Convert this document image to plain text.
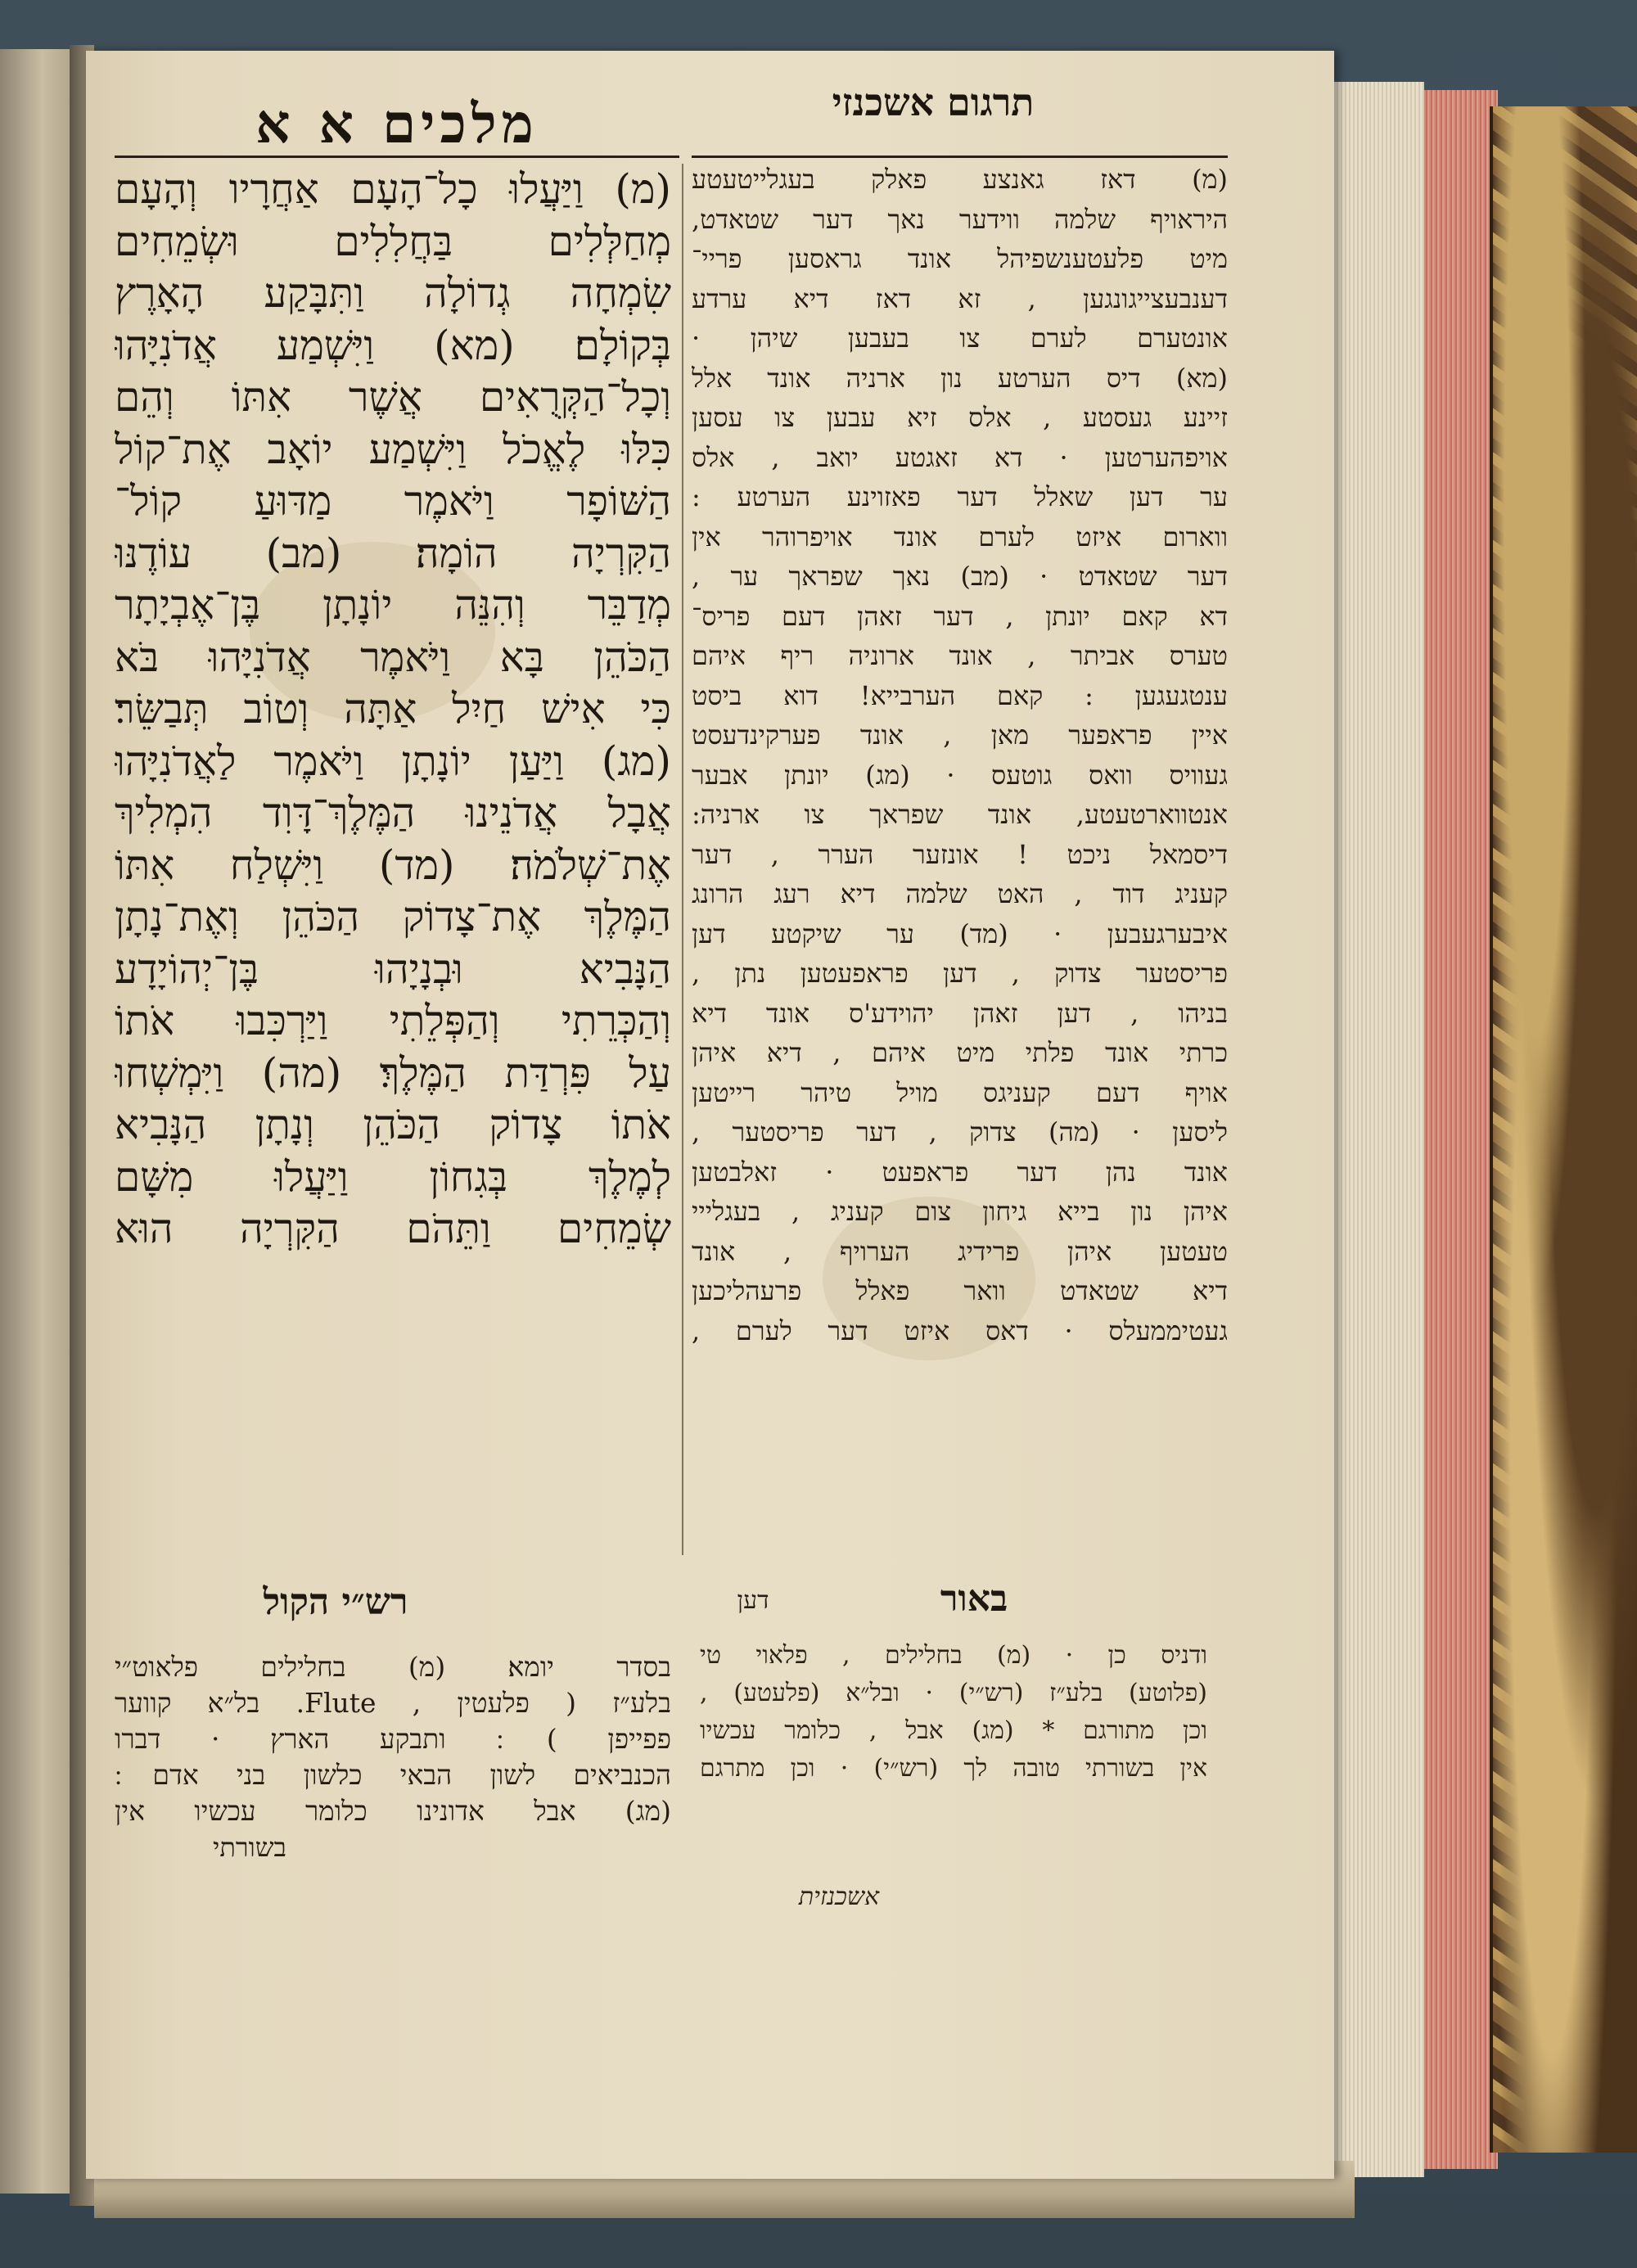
מלכים א א	תרגום אשכנזי
(מ) וַיַּעֲלוּ כָל־הָעָם אַחֲרָיו וְהָעָם
מְחַלְּלִים בַּחֲלִלִים וּשְׂמֵחִים
שִׂמְחָה גְדוֹלָה וַתִּבָּקַע הָאָרֶץ
בְּקוֹלָם׃ (מא) וַיִּשְׁמַע אֲדֹנִיָּהוּ
וְכָל־הַקְּרֻאִים אֲשֶׁר אִתּוֹ וְהֵם
כִּלּוּ לֶאֱכֹל וַיִּשְׁמַע יוֹאָב אֶת־קוֹל
הַשּׁוֹפָר וַיֹּאמֶר מַדּוּעַ קוֹל־
הַקִּרְיָה הוֹמָה׃ (מב) עוֹדֶנּוּ
מְדַבֵּר וְהִנֵּה יוֹנָתָן בֶּן־אֶבְיָתָר
הַכֹּהֵן בָּא וַיֹּאמֶר אֲדֹנִיָּהוּ בֹּא
כִּי אִישׁ חַיִל אַתָּה וְטוֹב תְּבַשֵּׂר׃
(מג) וַיַּעַן יוֹנָתָן וַיֹּאמֶר לַאֲדֹנִיָּהוּ
אֲבָל אֲדֹנֵינוּ הַמֶּלֶךְ־דָּוִד הִמְלִיךְ
אֶת־שְׁלֹמֹה׃ (מד) וַיִּשְׁלַח אִתּוֹ
הַמֶּלֶךְ אֶת־צָדוֹק הַכֹּהֵן וְאֶת־נָתָן
הַנָּבִיא וּבְנָיָהוּ בֶּן־יְהוֹיָדָע
וְהַכְּרֵתִי וְהַפְּלֵתִי וַיַּרְכִּבוּ אֹתוֹ
עַל פִּרְדַּת הַמֶּלֶךְ׃ (מה) וַיִּמְשְׁחוּ
אֹתוֹ צָדוֹק הַכֹּהֵן וְנָתָן הַנָּבִיא
לְמֶלֶךְ בְּגִחוֹן וַיַּעֲלוּ מִשָּׁם
שְׂמֵחִים וַתֵּהֹם הַקִּרְיָה הוּא
(מ) דאז גאנצע פאלק בעגלייטעטע
היראויף שלמה ווידער נאך דער שטאדט,
מיט פלעטענשפיהל אונד גראסען פריי־
דענבעצייגונגען , זא דאז דיא ערדע
אונטערם לערם צו בעבען שיהן ·
(מא) דיס הערטע נון ארניה אונד אלל
זיינע געסטע , אלס זיא עבען צו עסען
אויפהערטען · דא זאגטע יואב , אלס
ער דען שאלל דער פאזוינע הערטע :
ווארום איזט לערם אונד אויפרוהר אין
דער שטאדט · (מב) נאך שפראך ער ,
דא קאם יונתן , דער זאהן דעם פריס־
טערס אביתר , אונד ארוניה ריף איהם
ענטגעגען : קאם הערבייא! דוא ביסט
איין פראפער מאן , אונד פערקינדעסט
געוויס וואס גוטעס · (מג) יונתן אבער
אנטווארטעטע, אונד שפראך צו ארניה:
דיסמאל ניכט ! אונזער הערר , דער
קעניג דוד , האט שלמה דיא רעג הרונג
איבערגעבען · (מד) ער שיקטע דען
פריסטער צדוק , דען פראפעטען נתן ,
בניהו , דען זאהן יהוידע'ס אונד דיא
כרתי אונד פלתי מיט איהם , דיא איהן
אויף דעם קעניגס מויל טיהר רייטען
ליסען · (מה) צדוק , דער פריסטער ,
אונד נהן דער פראפעט · זאלבטען
איהן נון בייא גיחון צום קעניג , בעגלייי
טעטען איהן פרידיג הערויף , אונד
דיא שטאדט וואר פאלל פרעהליכען
געטיממעלס · דאס איזט דער לערם ,
רש״י הקול
בסדר יומא׃ (מ) בחלילים פלאוט״י
בלע״ז ( פלעטין , Flute. בל״א קווער
פפייפן ) ׃ ותבקע הארץ · דברו
הכנביאים לשון הבאי כלשון בני אדם ׃
(מג) אבל אדונינו כלומר עכשיו אין
בשורתי
דען	באור
ודניס כן · (מ) בחלילים , פלאוי טי
(פלוטע) בלע״ז (רש״י) · ובל״א (פלעטע) ,
וכן מתורגם * (מג) אבל , כלומר עכשיו
אין בשורתי טובה לך (רש״י) · וכן מתרגם
אשכנזית
